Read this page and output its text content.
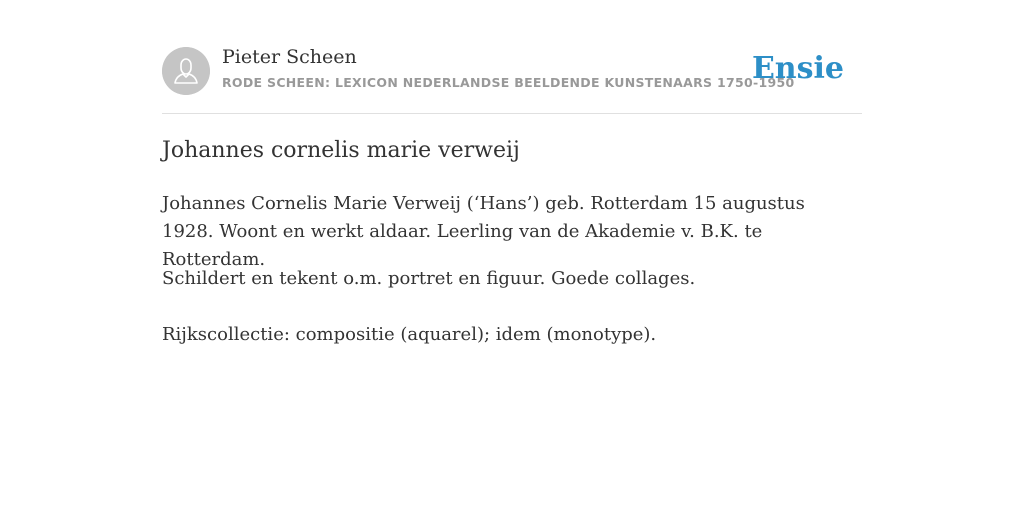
Pieter Scheen
RODE SCHEEN: LEXICON NEDERLANDSE BEELDENDE KUNSTENAARS 1750-1950
Ensie
Johannes cornelis marie verweij

Johannes Cornelis Marie Verweij (‘Hans’) geb. Rotterdam 15 augustus 1928. Woont en werkt aldaar. Leerling van de Akademie v. B.K. te Rotterdam.

Schildert en tekent o.m. portret en figuur. Goede collages.

Rijkscollectie: compositie (aquarel); idem (monotype).
